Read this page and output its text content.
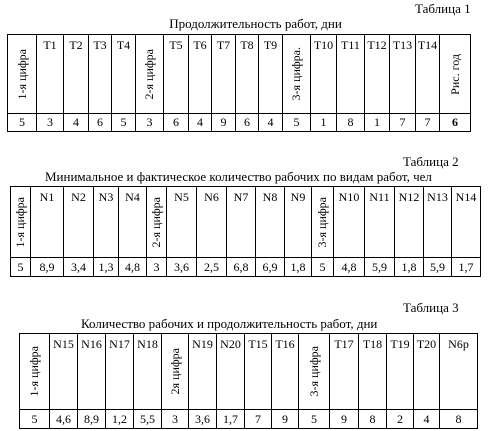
Таблица 1
Продолжительность работ, дни
1-я цифра	T1	T2	T3	T4	2-я цифра	T5	T6	T7	T8	T9	3-я цифра.	T10	T11	T12	T13	T14	Рис. год

5	3	4	6	5	3	6	4	9	6	4	5	1	8	1	7	7	6
Таблица 2
Минимальное и фактическое количество рабочих по видам работ, чел
1-я цифра	N1	N2	N3	N4	2-я цифра	N5	N6	N7	N8	N9	3-я цифра	N10	N11	N12	N13	N14
5	8,9	3,4	1,3	4,8	3	3,6	2,5	6,8	6,9	1,8	5	4,8	5,9	1,8	5,9	1,7
Таблица 3
Количество рабочих и продолжительность работ, дни
1-я цифра	N15	N16	N17	N18	2я цифра	N19	N20	T15	T16	3-я цифра	T17	T18	T19	T20	N6р
5	4,6	8,9	1,2	5,5	3	3,6	1,7	7	9	5	9	8	2	4	8
